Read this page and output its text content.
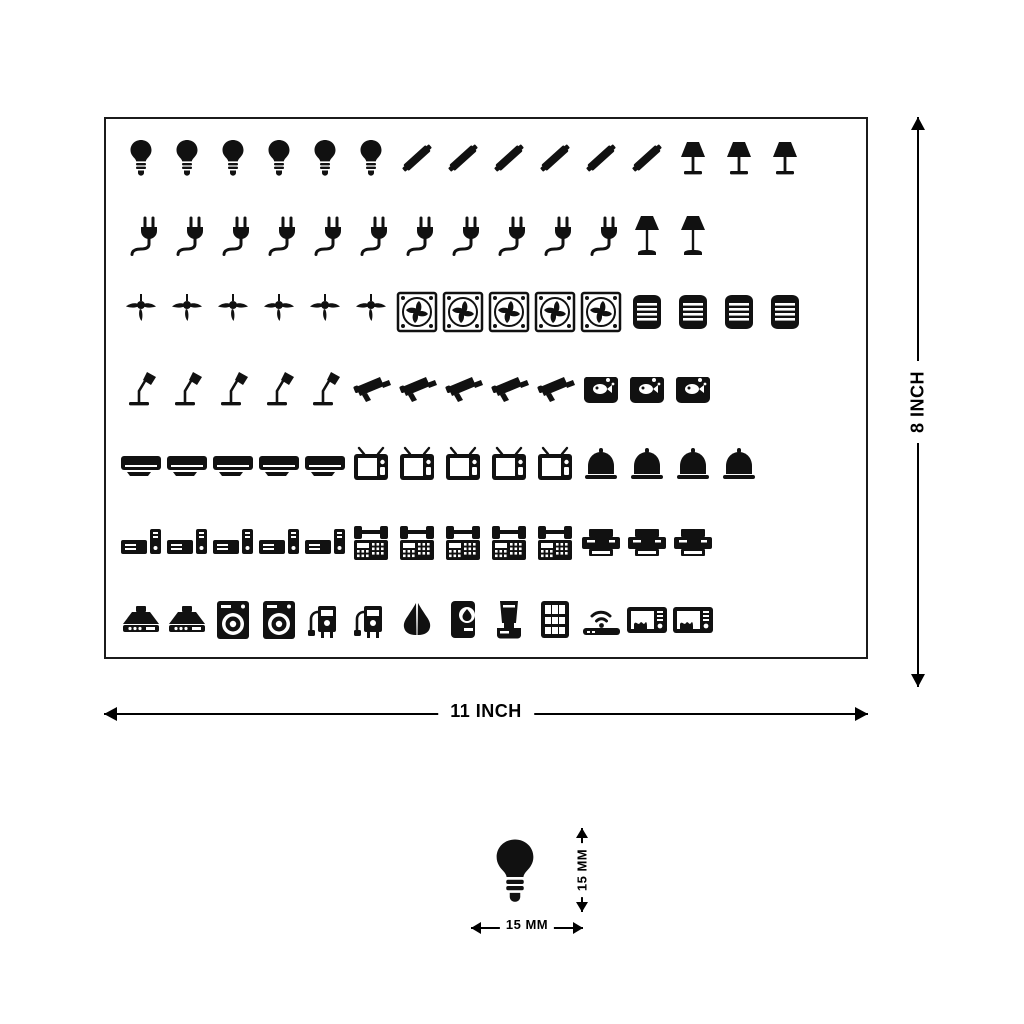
11 INCH
8 INCH
15 MM
15 MM
